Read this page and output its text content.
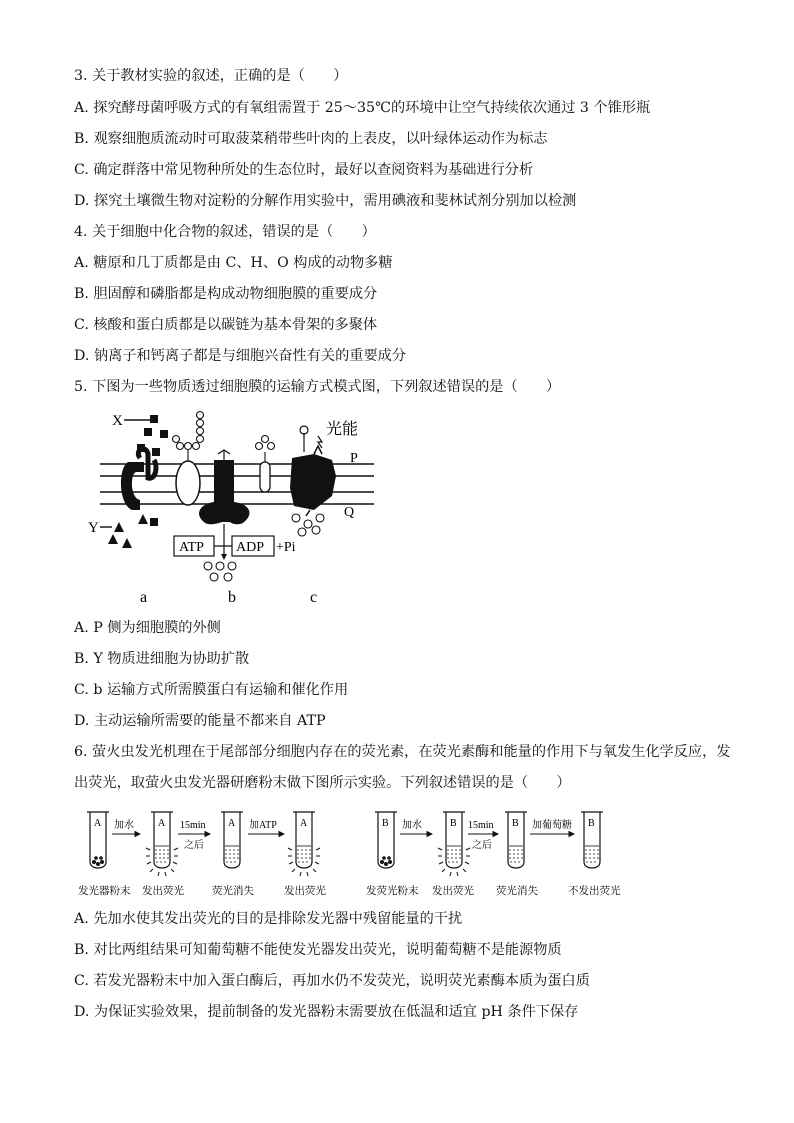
3. 关于教材实验的叙述，正确的是（　　）
A. 探究酵母菌呼吸方式的有氧组需置于 25～35℃的环境中让空气持续依次通过 3 个锥形瓶
B. 观察细胞质流动时可取菠菜稍带些叶肉的上表皮，以叶绿体运动作为标志
C. 确定群落中常见物种所处的生态位时，最好以查阅资料为基础进行分析
D. 探究土壤微生物对淀粉的分解作用实验中，需用碘液和斐林试剂分别加以检测
4. 关于细胞中化合物的叙述，错误的是（　　）
A. 糖原和几丁质都是由 C、H、O 构成的动物多糖
B. 胆固醇和磷脂都是构成动物细胞膜的重要成分
C. 核酸和蛋白质都是以碳链为基本骨架的多聚体
D. 钠离子和钙离子都是与细胞兴奋性有关的重要成分
5. 下图为一些物质透过细胞膜的运输方式模式图，下列叙述错误的是（　　）
X
Y
光能
P
Q
ATP ADP +Pi
a	b	c
A. P 侧为细胞膜的外侧
B. Y 物质进细胞为协助扩散
C. b 运输方式所需膜蛋白有运输和催化作用
D. 主动运输所需要的能量不都来自 ATP
6. 萤火虫发光机理在于尾部部分细胞内存在的荧光素，在荧光素酶和能量的作用下与氧发生化学反应，发
出荧光，取萤火虫发光器研磨粉末做下图所示实验。下列叙述错误的是（　　）
A	A	A	A
加水	15min
之后
加ATP
发光器粉末 发出荧光	荧光消失	发出荧光
B	B	B	B
加水	15min
之后
加葡萄糖
发荧光粉末 发出荧光 荧光消失	不发出荧光
A. 先加水使其发出荧光的目的是排除发光器中残留能量的干扰
B. 对比两组结果可知葡萄糖不能使发光器发出荧光，说明葡萄糖不是能源物质
C. 若发光器粉末中加入蛋白酶后，再加水仍不发荧光，说明荧光素酶本质为蛋白质
D. 为保证实验效果，提前制备的发光器粉末需要放在低温和适宜 pH 条件下保存
